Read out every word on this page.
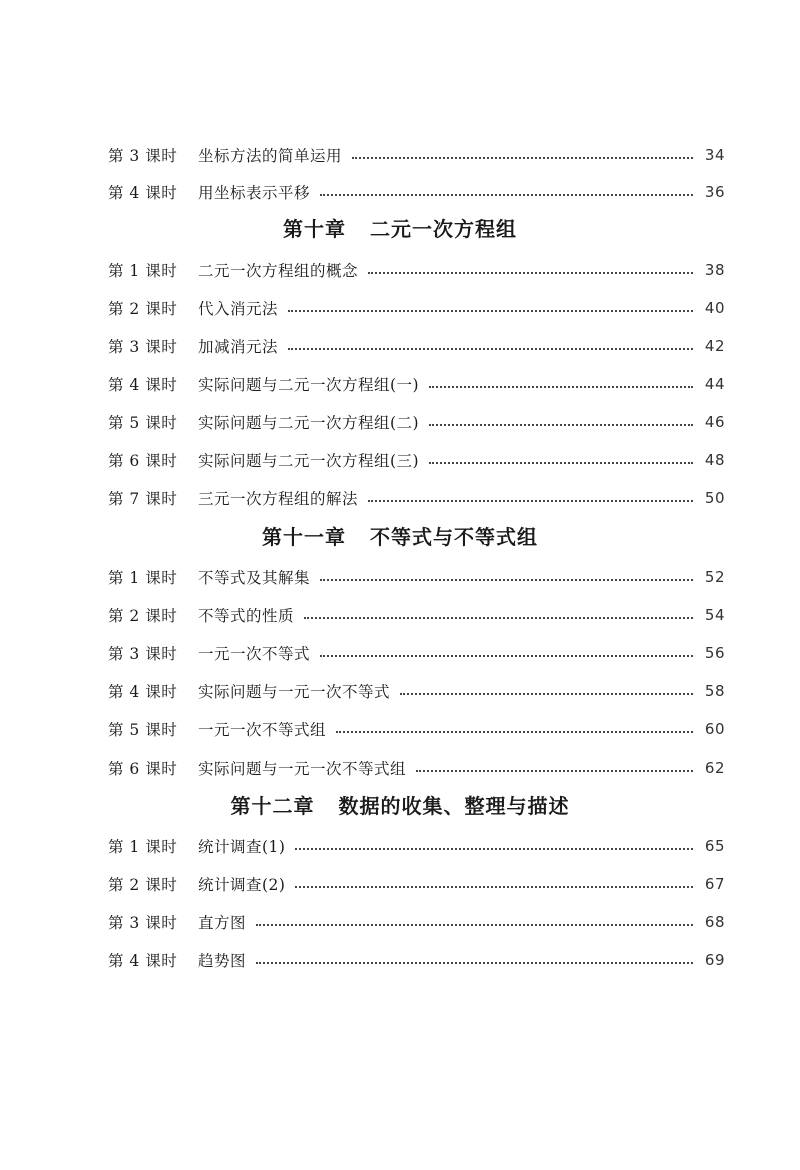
第 3 课时	坐标方法的简单运用	34
第 4 课时	用坐标表示平移	36
第十章 二元一次方程组
第 1 课时	二元一次方程组的概念	38
第 2 课时	代入消元法	40
第 3 课时	加减消元法	42
第 4 课时	实际问题与二元一次方程组(一)	44
第 5 课时	实际问题与二元一次方程组(二)	46
第 6 课时	实际问题与二元一次方程组(三)	48
第 7 课时	三元一次方程组的解法	50
第十一章 不等式与不等式组
第 1 课时	不等式及其解集	52
第 2 课时	不等式的性质	54
第 3 课时	一元一次不等式	56
第 4 课时	实际问题与一元一次不等式	58
第 5 课时	一元一次不等式组	60
第 6 课时	实际问题与一元一次不等式组	62
第十二章 数据的收集、整理与描述
第 1 课时	统计调查(1)	65
第 2 课时	统计调查(2)	67
第 3 课时	直方图	68
第 4 课时	趋势图	69
